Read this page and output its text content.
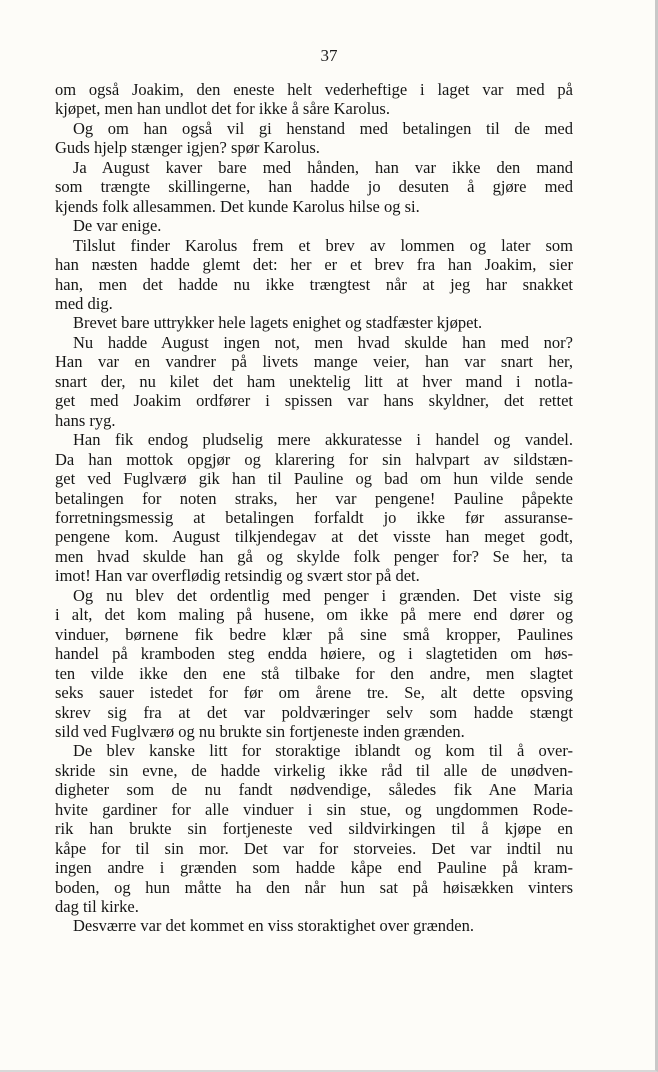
37
om også Joakim, den eneste helt vederheftige i laget var med på
kjøpet, men han undlot det for ikke å såre Karolus.
Og om han også vil gi henstand med betalingen til de med
Guds hjelp stænger igjen? spør Karolus.
Ja August kaver bare med hånden, han var ikke den mand
som trængte skillingerne, han hadde jo desuten å gjøre med
kjends folk allesammen. Det kunde Karolus hilse og si.
De var enige.
Tilslut finder Karolus frem et brev av lommen og later som
han næsten hadde glemt det: her er et brev fra han Joakim, sier
han, men det hadde nu ikke trængtest når at jeg har snakket
med dig.
Brevet bare uttrykker hele lagets enighet og stadfæster kjøpet.
Nu hadde August ingen not, men hvad skulde han med nor?
Han var en vandrer på livets mange veier, han var snart her,
snart der, nu kilet det ham unektelig litt at hver mand i notla-
get med Joakim ordfører i spissen var hans skyldner, det rettet
hans ryg.
Han fik endog pludselig mere akkuratesse i handel og vandel.
Da han mottok opgjør og klarering for sin halvpart av sildstæn-
get ved Fuglværø gik han til Pauline og bad om hun vilde sende
betalingen for noten straks, her var pengene! Pauline påpekte
forretningsmessig at betalingen forfaldt jo ikke før assuranse-
pengene kom. August tilkjendegav at det visste han meget godt,
men hvad skulde han gå og skylde folk penger for? Se her, ta
imot! Han var overflødig retsindig og svært stor på det.
Og nu blev det ordentlig med penger i grænden. Det viste sig
i alt, det kom maling på husene, om ikke på mere end dører og
vinduer, børnene fik bedre klær på sine små kropper, Paulines
handel på kramboden steg endda høiere, og i slagtetiden om høs-
ten vilde ikke den ene stå tilbake for den andre, men slagtet
seks sauer istedet for før om årene tre. Se, alt dette opsving
skrev sig fra at det var poldværinger selv som hadde stængt
sild ved Fuglværø og nu brukte sin fortjeneste inden grænden.
De blev kanske litt for storaktige iblandt og kom til å over-
skride sin evne, de hadde virkelig ikke råd til alle de unødven-
digheter som de nu fandt nødvendige, således fik Ane Maria
hvite gardiner for alle vinduer i sin stue, og ungdommen Rode-
rik han brukte sin fortjeneste ved sildvirkingen til å kjøpe en
kåpe for til sin mor. Det var for storveies. Det var indtil nu
ingen andre i grænden som hadde kåpe end Pauline på kram-
boden, og hun måtte ha den når hun sat på høisækken vinters
dag til kirke.
Desværre var det kommet en viss storaktighet over grænden.
